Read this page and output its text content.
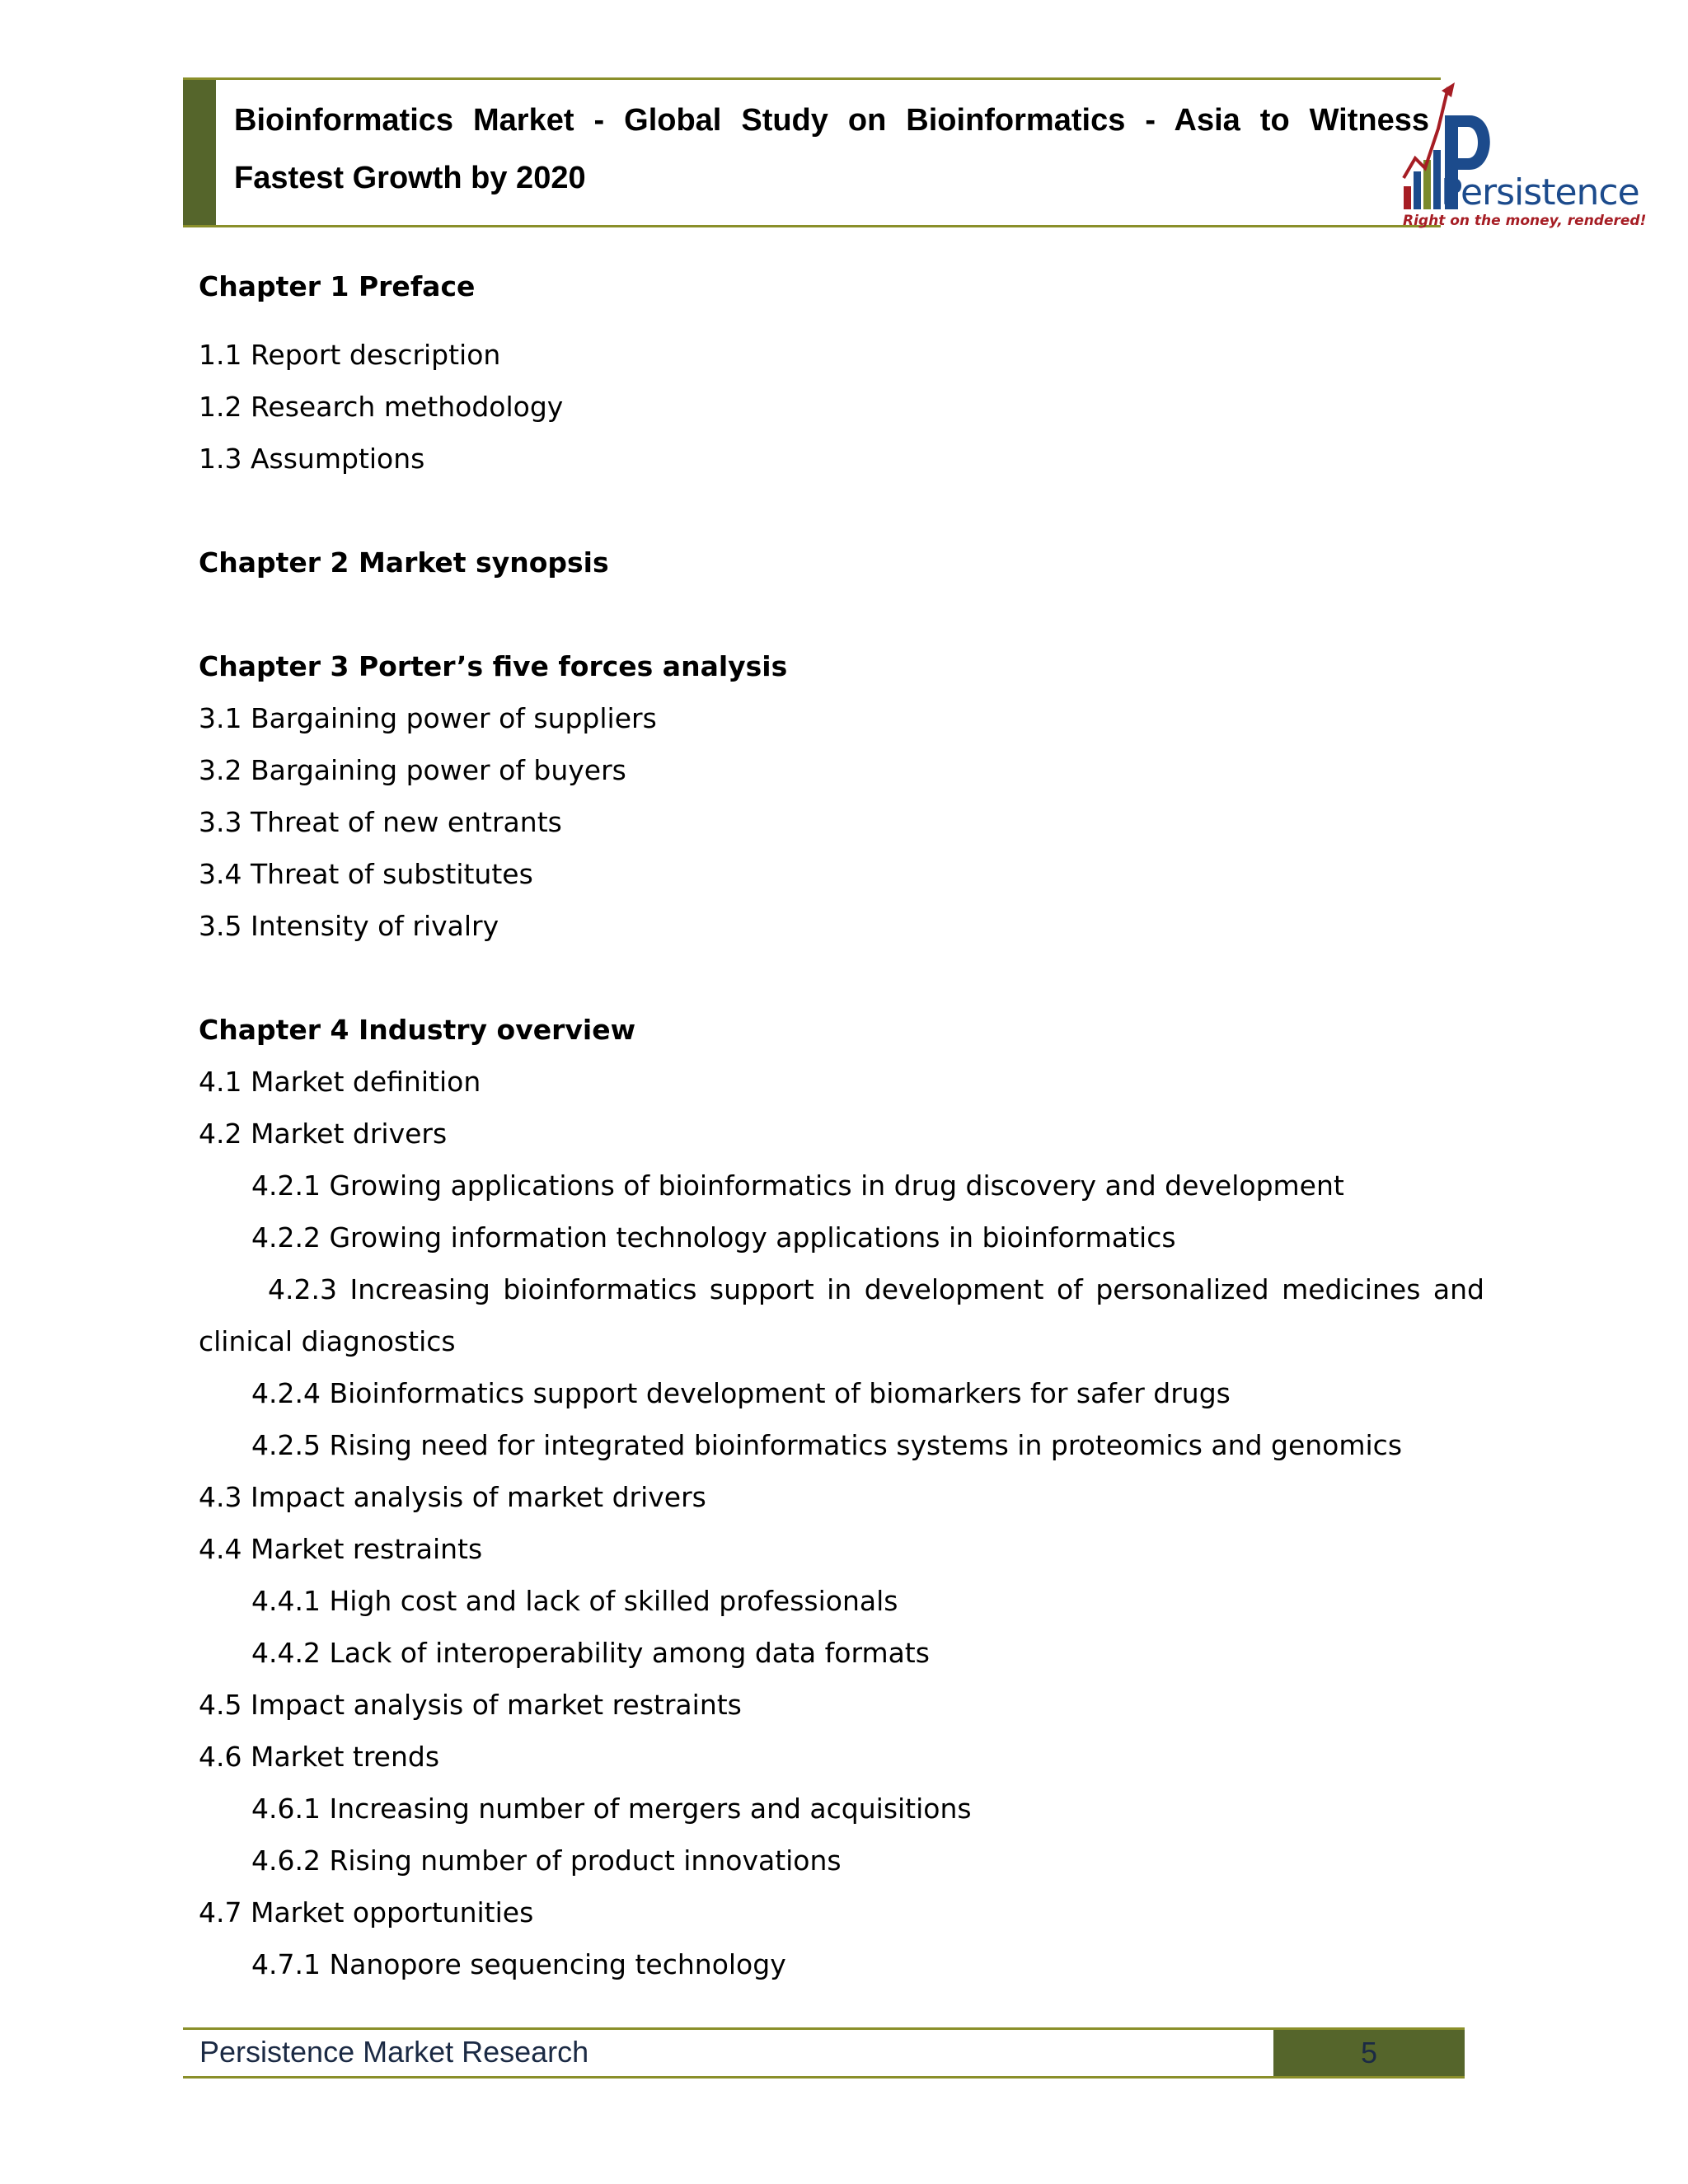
Bioinformatics Market - Global Study on Bioinformatics - Asia to Witness Fastest Growth by 2020	Persistence
Right on the money, rendered!
Chapter 1 Preface
1.1 Report description
1.2 Research methodology
1.3 Assumptions
Chapter 2 Market synopsis
Chapter 3 Porter’s five forces analysis
3.1 Bargaining power of suppliers
3.2 Bargaining power of buyers
3.3 Threat of new entrants
3.4 Threat of substitutes
3.5 Intensity of rivalry
Chapter 4 Industry overview
4.1 Market definition
4.2 Market drivers
4.2.1 Growing applications of bioinformatics in drug discovery and development
4.2.2 Growing information technology applications in bioinformatics
4.2.3 Increasing bioinformatics support in development of personalized medicines and
clinical diagnostics
4.2.4 Bioinformatics support development of biomarkers for safer drugs
4.2.5 Rising need for integrated bioinformatics systems in proteomics and genomics
4.3 Impact analysis of market drivers
4.4 Market restraints
4.4.1 High cost and lack of skilled professionals
4.4.2 Lack of interoperability among data formats
4.5 Impact analysis of market restraints
4.6 Market trends
4.6.1 Increasing number of mergers and acquisitions
4.6.2 Rising number of product innovations
4.7 Market opportunities
4.7.1 Nanopore sequencing technology
Persistence Market Research	5
